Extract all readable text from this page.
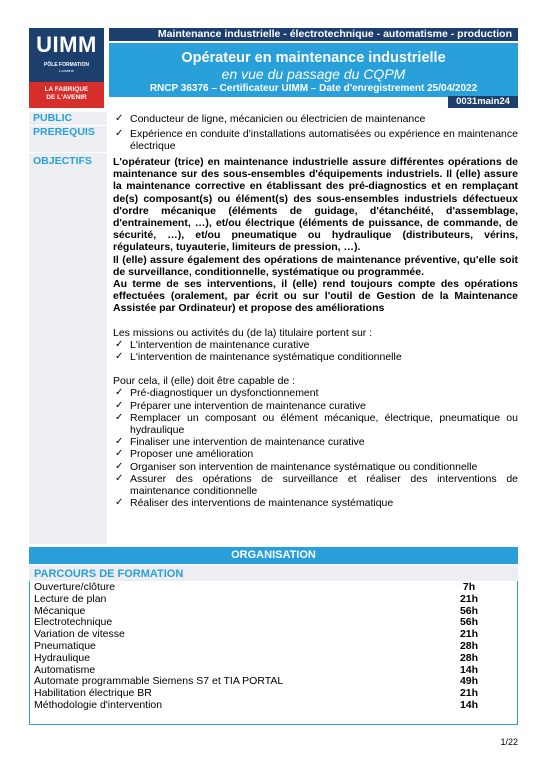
UIMM
PÔLE FORMATION
Lorraine
LA FABRIQUE
DE L'AVENIR
Maintenance industrielle - électrotechnique - automatisme - production
Opérateur en maintenance industrielle
en vue du passage du CQPM
RNCP 36376 – Certificateur UIMM – Date d'enregistrement 25/04/2022
0031main24
PUBLIC	✓ Conducteur de ligne, mécanicien ou électricien de maintenance
PREREQUIS	✓ Expérience en conduite d'installations automatisées ou expérience en maintenance électrique
OBJECTIFS	L'opérateur (trice) en maintenance industrielle assure différentes opérations de maintenance sur des sous-ensembles d'équipements industriels. Il (elle) assure la maintenance corrective en établissant des pré-diagnostics et en remplaçant de(s) composant(s) ou élément(s) des sous-ensembles industriels défectueux d'ordre mécanique (éléments de guidage, d'étanchéité, d'assemblage, d'entrainement, …), et/ou électrique (éléments de puissance, de commande, de sécurité, …), et/ou pneumatique ou hydraulique (distributeurs, vérins, régulateurs, tuyauterie, limiteurs de pression, …).
Il (elle) assure également des opérations de maintenance préventive, qu'elle soit de surveillance, conditionnelle, systématique ou programmée.
Au terme de ses interventions, il (elle) rend toujours compte des opérations effectuées (oralement, par écrit ou sur l'outil de Gestion de la Maintenance Assistée par Ordinateur) et propose des améliorations
Les missions ou activités du (de la) titulaire portent sur :
✓ L'intervention de maintenance curative
✓ L'intervention de maintenance systématique conditionnelle
Pour cela, il (elle) doit être capable de :
✓ Pré-diagnostiquer un dysfonctionnement
✓ Préparer une intervention de maintenance curative
✓ Remplacer un composant ou élément mécanique, électrique, pneumatique ou hydraulique
✓ Finaliser une intervention de maintenance curative
✓ Proposer une amélioration
✓ Organiser son intervention de maintenance systématique ou conditionnelle
✓ Assurer des opérations de surveillance et réaliser des interventions de maintenance conditionnelle
✓ Réaliser des interventions de maintenance systématique
ORGANISATION
PARCOURS DE FORMATION
Ouverture/clôture	7h
Lecture de plan	21h
Mécanique	56h
Electrotechnique	56h
Variation de vitesse	21h
Pneumatique	28h
Hydraulique	28h
Automatisme	14h
Automate programmable Siemens S7 et TIA PORTAL	49h
Habilitation électrique BR	21h
Méthodologie d'intervention	14h
1/22
